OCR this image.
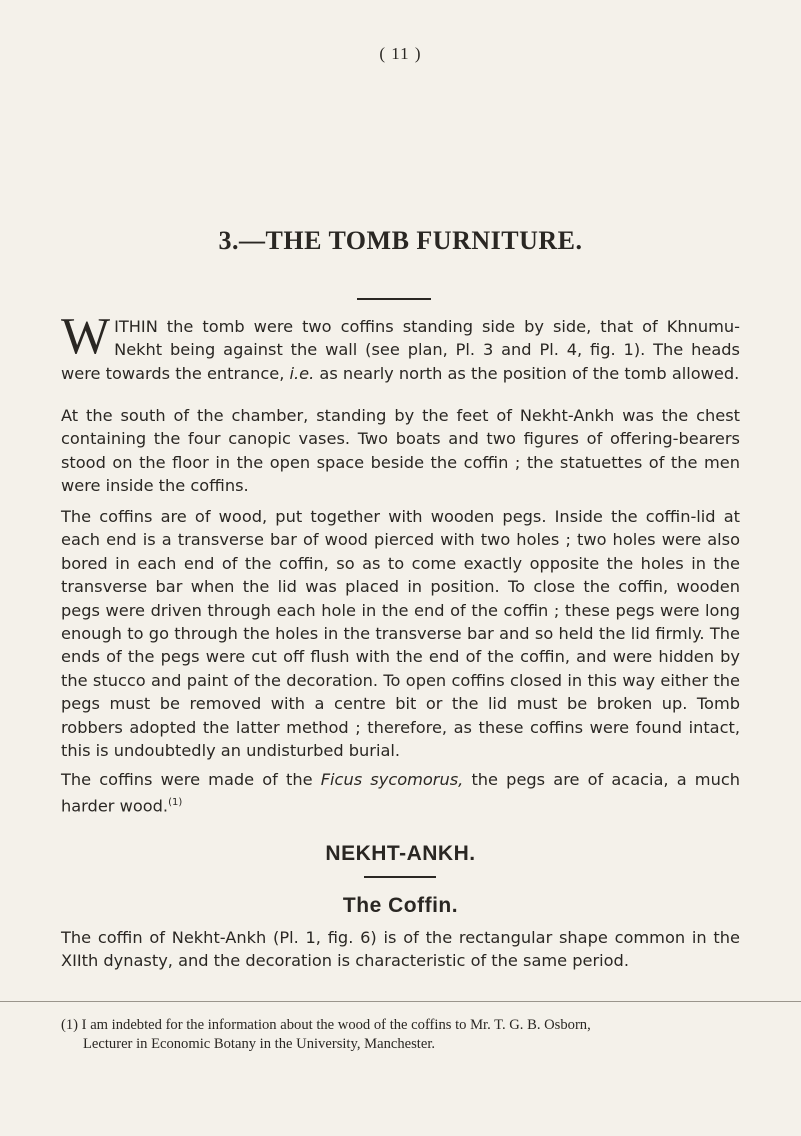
( 11 )
3.—THE TOMB FURNITURE.

WITHIN the tomb were two coffins standing side by side, that of Khnumu-Nekht being against the wall (see plan, Pl. 3 and Pl. 4, fig. 1). The heads were towards the entrance, i.e. as nearly north as the position of the tomb allowed.

At the south of the chamber, standing by the feet of Nekht-Ankh was the chest containing the four canopic vases. Two boats and two figures of offering-bearers stood on the floor in the open space beside the coffin ; the statuettes of the men were inside the coffins.

The coffins are of wood, put together with wooden pegs. Inside the coffin-lid at each end is a transverse bar of wood pierced with two holes ; two holes were also bored in each end of the coffin, so as to come exactly opposite the holes in the transverse bar when the lid was placed in position. To close the coffin, wooden pegs were driven through each hole in the end of the coffin ; these pegs were long enough to go through the holes in the transverse bar and so held the lid firmly. The ends of the pegs were cut off flush with the end of the coffin, and were hidden by the stucco and paint of the decoration. To open coffins closed in this way either the pegs must be removed with a centre bit or the lid must be broken up. Tomb robbers adopted the latter method ; therefore, as these coffins were found intact, this is undoubtedly an undisturbed burial.

The coffins were made of the Ficus sycomorus, the pegs are of acacia, a much harder wood.$^{(1)}$

NEKHT-ANKH.
The Coffin.

The coffin of Nekht-Ankh (Pl. 1, fig. 6) is of the rectangular shape common in the XIIth dynasty, and the decoration is characteristic of the same period.

(1) I am indebted for the information about the wood of the coffins to Mr. T. G. B. Osborn,
Lecturer in Economic Botany in the University, Manchester.
